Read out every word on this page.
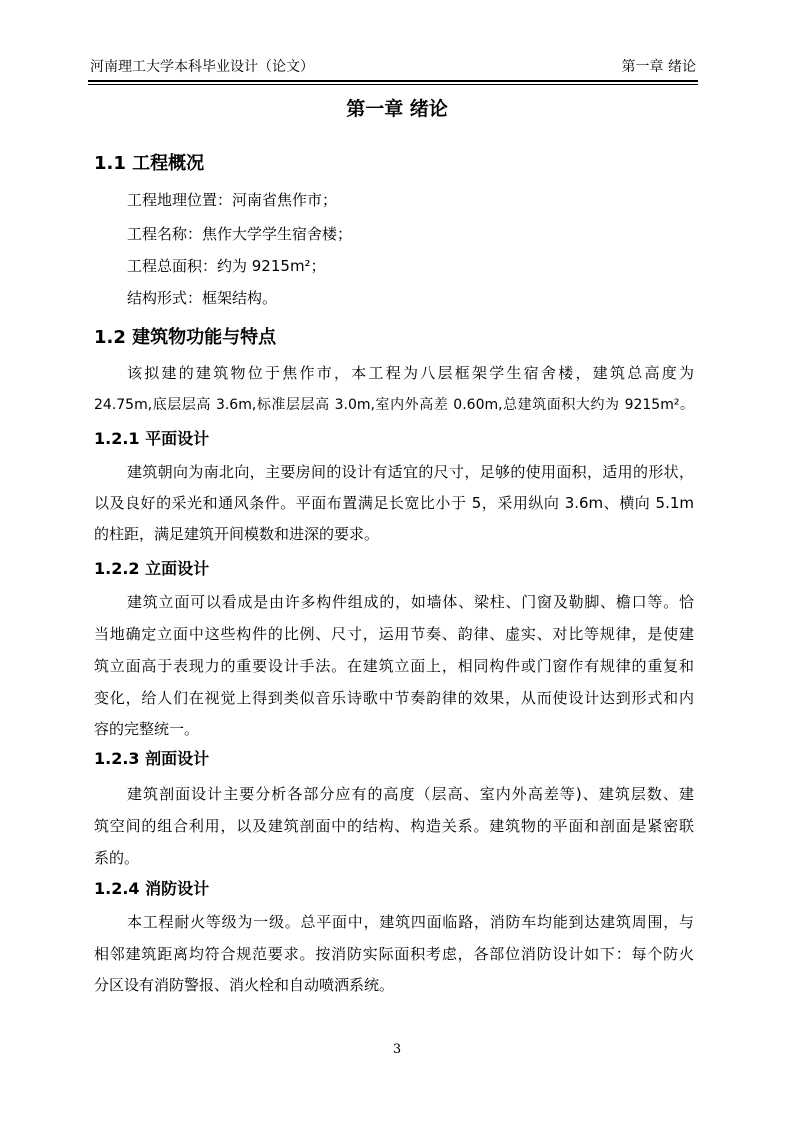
河南理工大学本科毕业设计（论文）	第一章 绪论
第一章 绪论
1.1 工程概况
工程地理位置：河南省焦作市；
工程名称：焦作大学学生宿舍楼；
工程总面积：约为 9215m²；
结构形式：框架结构。
1.2 建筑物功能与特点
该拟建的建筑物位于焦作市，本工程为八层框架学生宿舍楼，建筑总高度为
24.75m,底层层高 3.6m,标准层层高 3.0m,室内外高差 0.60m,总建筑面积大约为 9215m²。
1.2.1 平面设计
建筑朝向为南北向，主要房间的设计有适宜的尺寸，足够的使用面积，适用的形状，
以及良好的采光和通风条件。平面布置满足长宽比小于 5，采用纵向 3.6m、横向 5.1m
的柱距，满足建筑开间模数和进深的要求。
1.2.2 立面设计
建筑立面可以看成是由许多构件组成的，如墙体、梁柱、门窗及勒脚、檐口等。恰
当地确定立面中这些构件的比例、尺寸，运用节奏、韵律、虚实、对比等规律，是使建
筑立面高于表现力的重要设计手法。在建筑立面上，相同构件或门窗作有规律的重复和
变化，给人们在视觉上得到类似音乐诗歌中节奏韵律的效果，从而使设计达到形式和内
容的完整统一。
1.2.3 剖面设计
建筑剖面设计主要分析各部分应有的高度（层高、室内外高差等)、建筑层数、建
筑空间的组合利用，以及建筑剖面中的结构、构造关系。建筑物的平面和剖面是紧密联
系的。
1.2.4 消防设计
本工程耐火等级为一级。总平面中，建筑四面临路，消防车均能到达建筑周围，与
相邻建筑距离均符合规范要求。按消防实际面积考虑，各部位消防设计如下：每个防火
分区设有消防警报、消火栓和自动喷洒系统。
3
